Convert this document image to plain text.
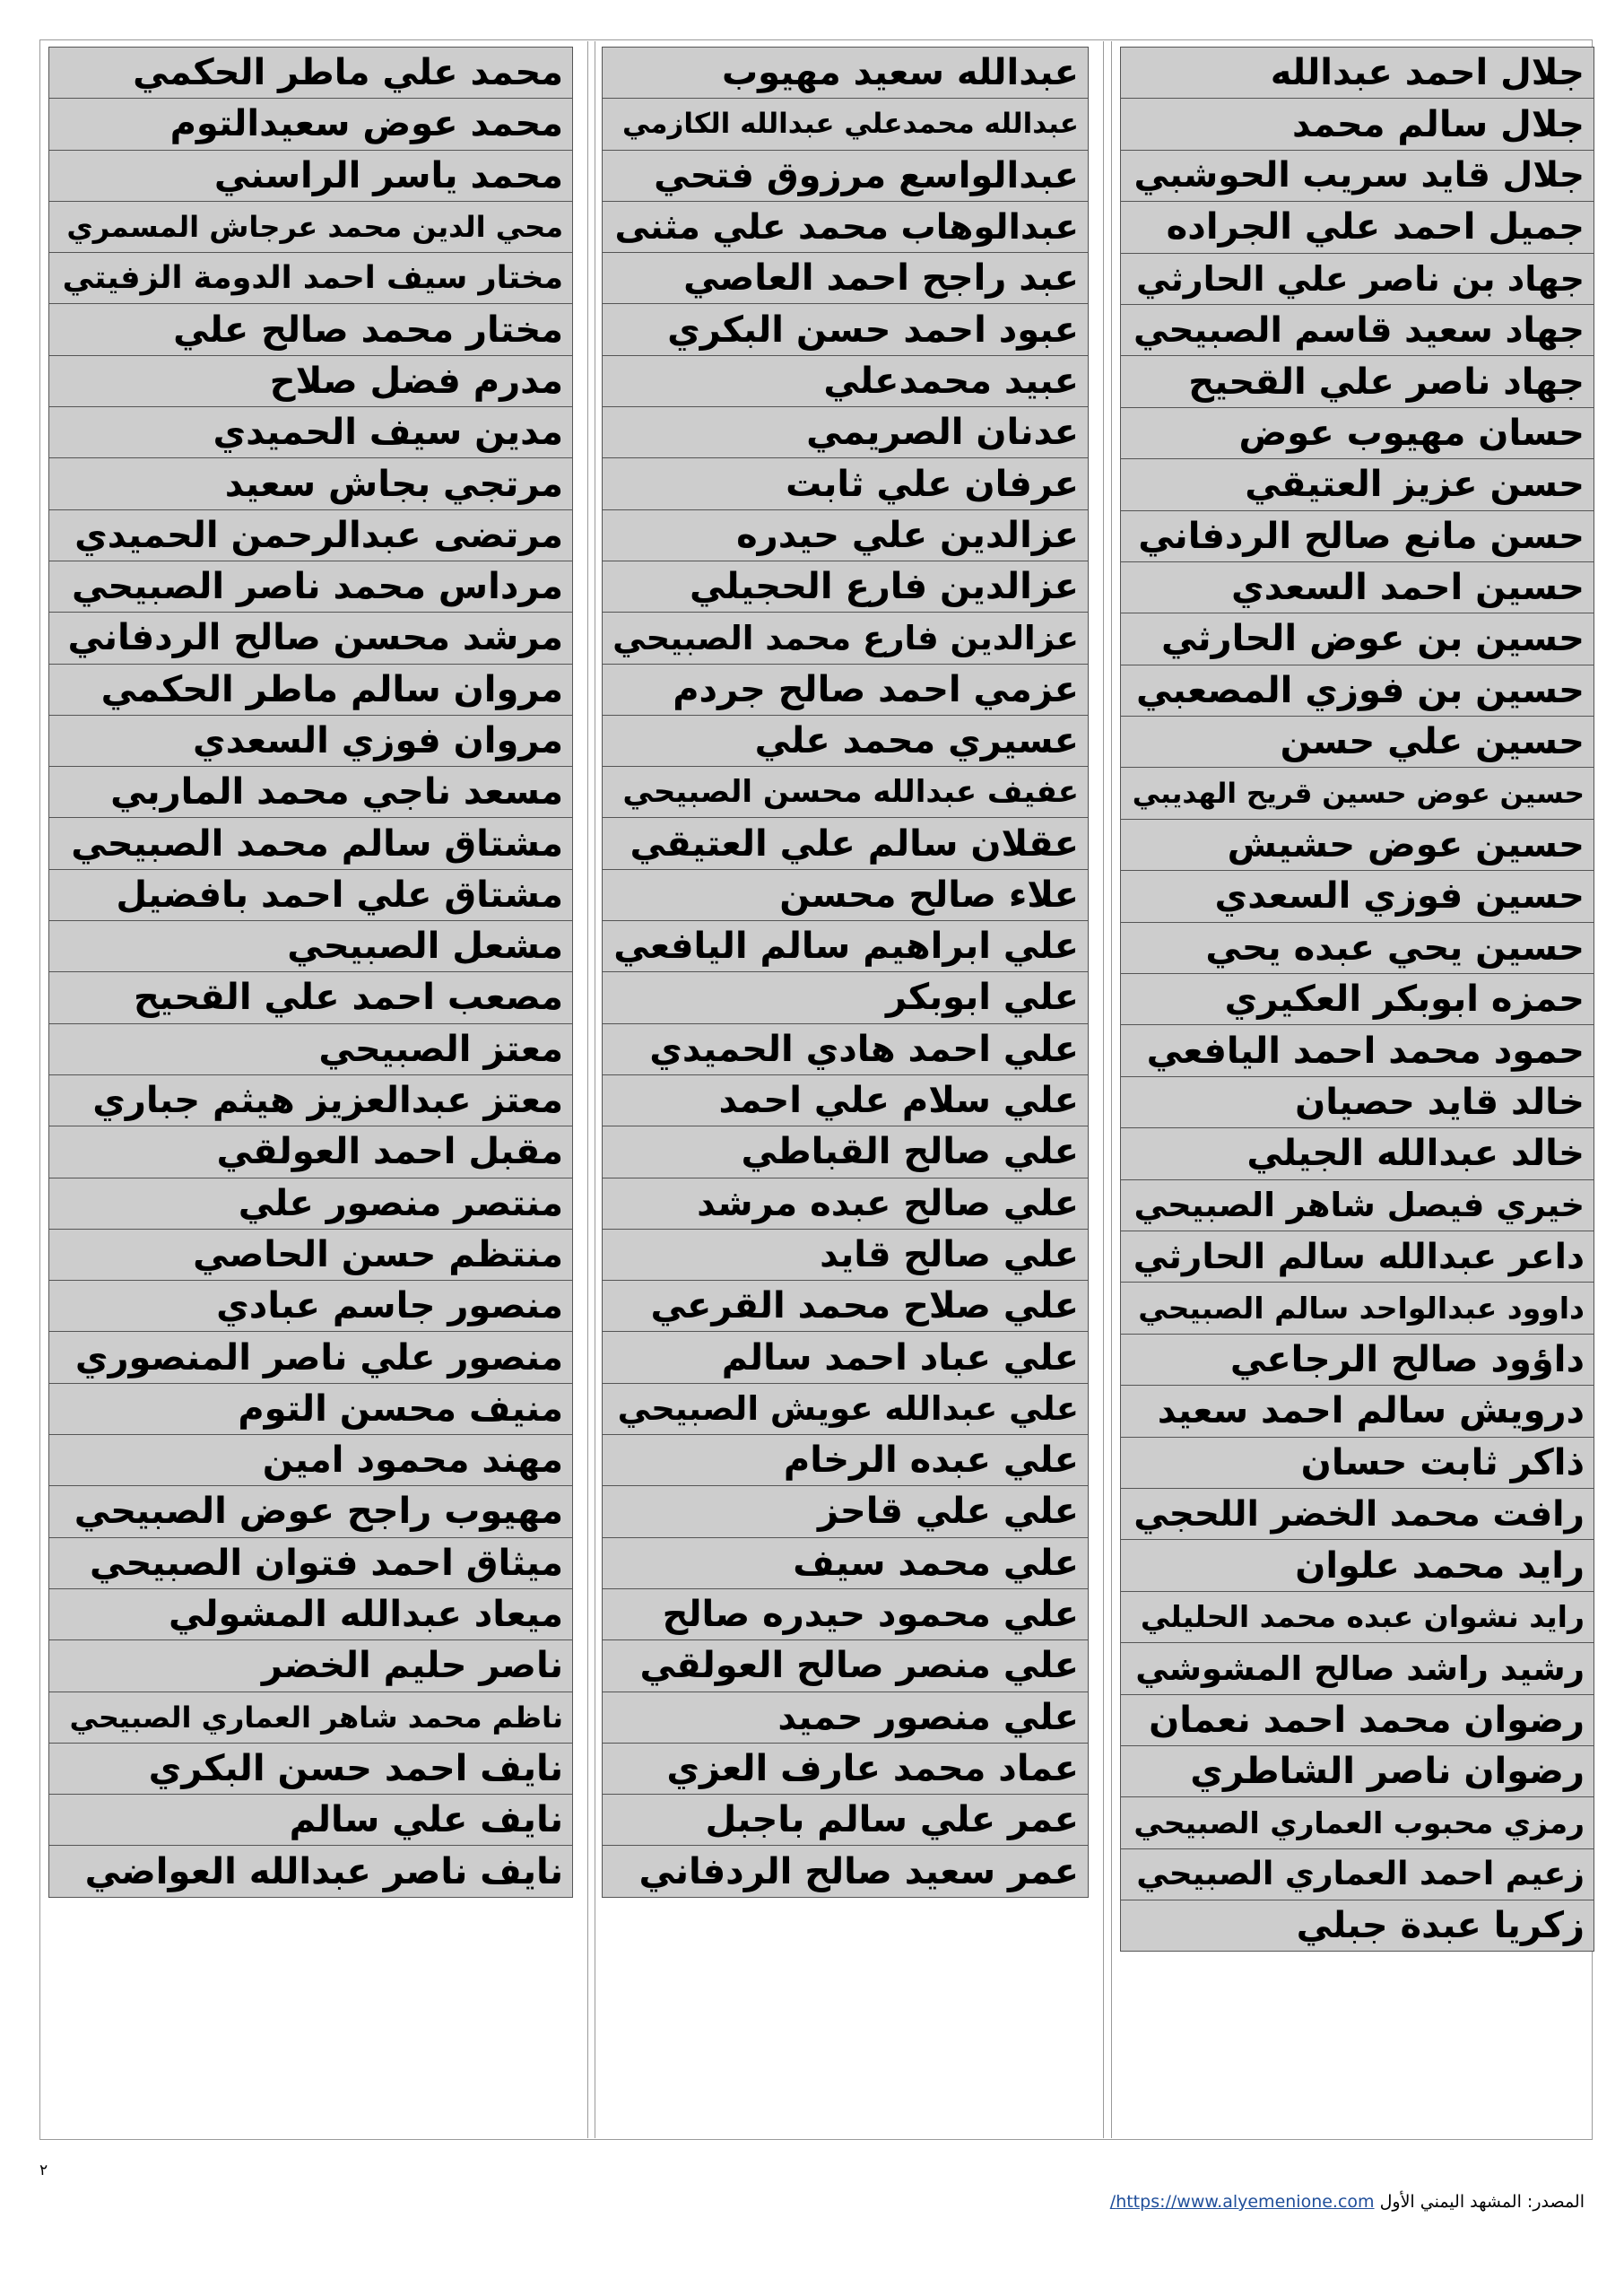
جلال احمد عبدالله
جلال سالم محمد
جلال قايد سريب الحوشبي
جميل احمد علي الجراده
جهاد بن ناصر علي الحارثي
جهاد سعيد قاسم الصبيحي
جهاد ناصر علي القحيح
حسان مهيوب عوض
حسن عزيز العتيقي
حسن مانع صالح الردفاني
حسين احمد السعدي
حسين بن عوض الحارثي
حسين بن فوزي المصعبي
حسين علي حسن
حسين عوض حسين قريح الهديبي
حسين عوض حشيش
حسين فوزي السعدي
حسين يحي عبده يحي
حمزه ابوبكر العكيري
حمود محمد احمد اليافعي
خالد قايد حصيان
خالد عبدالله الجيلي
خيري فيصل شاهر الصبيحي
داعر عبدالله سالم الحارثي
داوود عبدالواحد سالم الصبيحي
داؤود صالح الرجاعي
درويش سالم احمد سعيد
ذاكر ثابت حسان
رافت محمد الخضر اللحجي
رايد محمد علوان
رايد نشوان عبده محمد الحليلي
رشيد راشد صالح المشوشي
رضوان محمد احمد نعمان
رضوان ناصر الشاطري
رمزي محبوب العماري الصبيحي
زعيم احمد العماري الصبيحي
زكريا عبدة جبلي
عبدالله سعيد مهيوب
عبدالله محمدعلي عبدالله الكازمي
عبدالواسع مرزوق فتحي
عبدالوهاب محمد علي مثنى
عبد راجح احمد العاصي
عبود احمد حسن البكري
عبيد محمدعلي
عدنان الصريمي
عرفان علي ثابت
عزالدين علي حيدره
عزالدين فارع الحجيلي
عزالدين فارع محمد الصبيحي
عزمي احمد صالح جردم
عسيري محمد علي
عفيف عبدالله محسن الصبيحي
عقلان سالم علي العتيقي
علاء صالح محسن
علي ابراهيم سالم اليافعي
علي ابوبكر
علي احمد هادي الحميدي
علي سلام علي احمد
علي صالح القباطي
علي صالح عبده مرشد
علي صالح قايد
علي صلاح محمد القرعي
علي عباد احمد سالم
علي عبدالله عويش الصبيحي
علي عبده الرخام
علي علي قاحز
علي محمد سيف
علي محمود حيدره صالح
علي منصر صالح العولقي
علي منصور حميد
عماد محمد عارف العزي
عمر علي سالم باجبل
عمر سعيد صالح الردفاني
محمد علي ماطر الحكمي
محمد عوض سعيدالتوم
محمد ياسر الراسني
محي الدين محمد عرجاش المسمري
مختار سيف احمد الدومة الزفيتي
مختار محمد صالح علي
مدرم فضل صلاح
مدين سيف الحميدي
مرتجي بجاش سعيد
مرتضى عبدالرحمن الحميدي
مرداس محمد ناصر الصبيحي
مرشد محسن صالح الردفاني
مروان سالم ماطر الحكمي
مروان فوزي السعدي
مسعد ناجي محمد الماربي
مشتاق سالم محمد الصبيحي
مشتاق علي احمد بافضيل
مشعل الصبيحي
مصعب احمد علي القحيح
معتز الصبيحي
معتز عبدالعزيز هيثم جباري
مقبل احمد العولقي
منتصر منصور علي
منتظم حسن الحاصي
منصور جاسم عبادي
منصور علي ناصر المنصوري
منيف محسن التوم
مهند محمود امين
مهيوب راجح عوض الصبيحي
ميثاق احمد فتوان الصبيحي
ميعاد عبدالله المشولي
ناصر حليم الخضر
ناظم محمد شاهر العماري الصبيحي
نايف احمد حسن البكري
نايف علي سالم
نايف ناصر عبدالله العواضي
٢
المصدر: المشهد اليمني الأول https://www.alyemenione.com/
